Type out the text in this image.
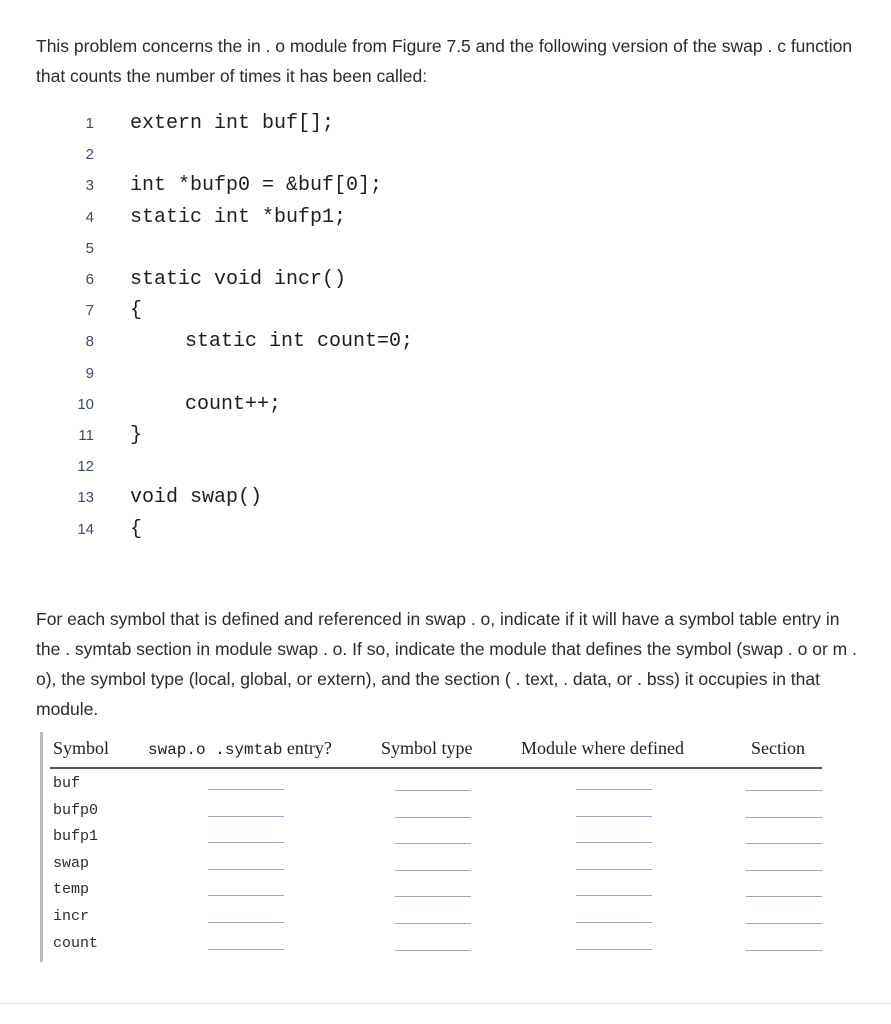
This problem concerns the in . o module from Figure 7.5 and the following version of the swap . c function that counts the number of times it has been called:

1 extern int buf[];
2
3 int *bufp0 = &buf[0];
4 static int *bufp1;
5
6 static void incr()
7 {
8	static int count=0;
9
10	count++;
11 }
12
13 void swap()
14 {

For each symbol that is defined and referenced in swap . o, indicate if it will have a symbol table entry in the . symtab section in module swap . o. If so, indicate the module that defines the symbol (swap . o or m . o), the symbol type (local, global, or extern), and the section ( . text, . data, or . bss) it occupies in that module.

Symbol swap.o .symtab entry?	Symbol type	Module where defined	Section
buf
bufp0
bufp1
swap
temp
incr
count
